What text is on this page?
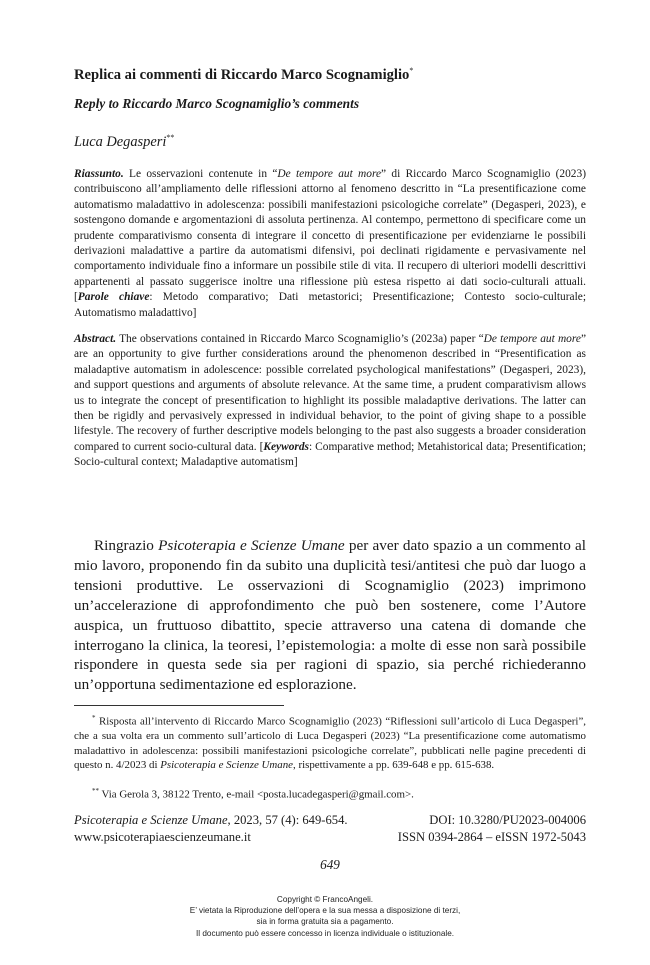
Replica ai commenti di Riccardo Marco Scognamiglio*
Reply to Riccardo Marco Scognamiglio’s comments
Luca Degasperi**
Riassunto. Le osservazioni contenute in “De tempore aut more” di Riccardo Marco Scognamiglio (2023) contribuiscono all’ampliamento delle riflessioni attorno al fenomeno descritto in “La presentificazione come automatismo maladattivo in adolescenza: possibili manifestazioni psicologiche correlate” (Degasperi, 2023), e sostengono domande e argomentazioni di assoluta pertinenza. Al contempo, permettono di specificare come un prudente comparativismo consenta di integrare il concetto di presentificazione per evidenziarne le possibili derivazioni maladattive a partire da automatismi difensivi, poi declinati rigidamente e pervasivamente nel comportamento individuale fino a informare un possibile stile di vita. Il recupero di ulteriori modelli descrittivi appartenenti al passato suggerisce inoltre una riflessione più estesa rispetto ai dati socio-culturali attuali. [Parole chiave: Metodo comparativo; Dati metastorici; Presentificazione; Contesto socio-culturale; Automatismo maladattivo]
Abstract. The observations contained in Riccardo Marco Scognamiglio’s (2023a) paper “De tempore aut more” are an opportunity to give further considerations around the phenomenon described in “Presentification as maladaptive automatism in adolescence: possible correlated psychological manifestations” (Degasperi, 2023), and support questions and arguments of absolute relevance. At the same time, a prudent comparativism allows us to integrate the concept of presentification to highlight its possible maladaptive derivations. The latter can then be rigidly and pervasively expressed in individual behavior, to the point of giving shape to a possible lifestyle. The recovery of further descriptive models belonging to the past also suggests a broader consideration compared to current socio-cultural data. [Keywords: Comparative method; Metahistorical data; Presentification; Socio-cultural context; Maladaptive automatism]
Ringrazio Psicoterapia e Scienze Umane per aver dato spazio a un commento al mio lavoro, proponendo fin da subito una duplicità tesi/antitesi che può dar luogo a tensioni produttive. Le osservazioni di Scognamiglio (2023) imprimono un’accelerazione di approfondimento che può ben sostenere, come l’Autore auspica, un fruttuoso dibattito, specie attraverso una catena di domande che interrogano la clinica, la teoresi, l’epistemologia: a molte di esse non sarà possibile rispondere in questa sede sia per ragioni di spazio, sia perché richiederanno un’opportuna sedimentazione ed esplorazione.
* Risposta all’intervento di Riccardo Marco Scognamiglio (2023) “Riflessioni sull’articolo di Luca Degasperi”, che a sua volta era un commento sull’articolo di Luca Degasperi (2023) “La presentificazione come automatismo maladattivo in adolescenza: possibili manifestazioni psicologiche correlate”, pubblicati nelle pagine precedenti di questo n. 4/2023 di Psicoterapia e Scienze Umane, rispettivamente a pp. 639-648 e pp. 615-638.
** Via Gerola 3, 38122 Trento, e-mail <posta.lucadegasperi@gmail.com>.
Psicoterapia e Scienze Umane, 2023, 57 (4): 649-654.	DOI: 10.3280/PU2023-004006
www.psicoterapiaescienzeumane.it	ISSN 0394-2864 – eISSN 1972-5043
649
Copyright © FrancoAngeli.
E’ vietata la Riproduzione dell’opera e la sua messa a disposizione di terzi,
sia in forma gratuita sia a pagamento.
Il documento può essere concesso in licenza individuale o istituzionale.
